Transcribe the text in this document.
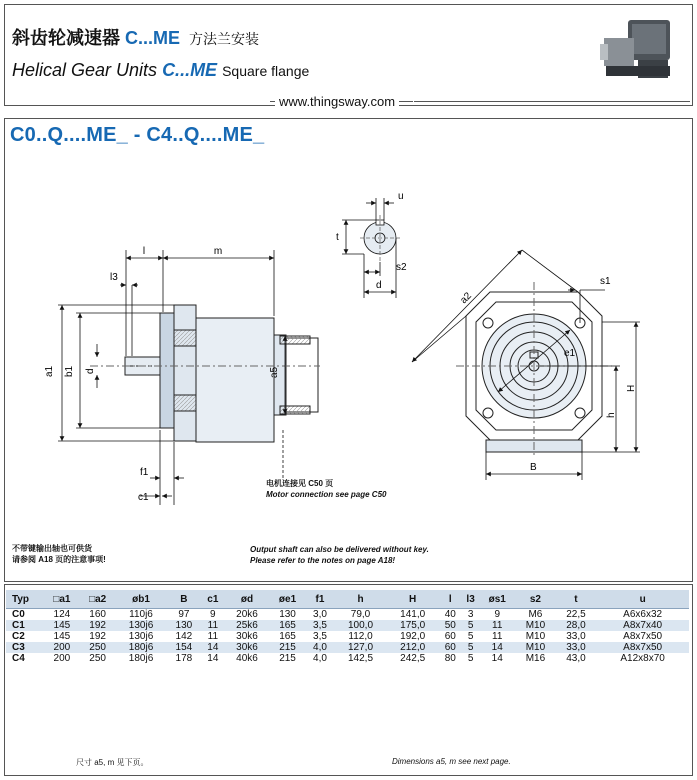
斜齿轮减速器 C...ME 方法兰安装
Helical Gear Units C...ME Square flange
www.thingsway.com
C0..Q....ME_ - C4..Q....ME_
l	m
l3
a1 b1 d	a5
f1
c1
u
t
s2
d
a2
s1
e1
h
H
B
电机连接见 C50 页
Motor connection see page C50
不带键输出轴也可供货
请参阅 A18 页的注意事项!
Output shaft can also be delivered without key.
Please refer to the notes on page A18!
Typ	□a1	□a2	øb1	B	c1	ød	øe1	f1	h	H	l	l3	øs1	s2	t	u
C0	124	160	110j6	97	9	20k6	130	3,0	79,0	141,0	40	3	9	M6	22,5	A6x6x32
C1	145	192	130j6	130	11	25k6	165	3,5	100,0	175,0	50	5	11	M10	28,0	A8x7x40
C2	145	192	130j6	142	11	30k6	165	3,5	112,0	192,0	60	5	11	M10	33,0	A8x7x50
C3	200	250	180j6	154	14	30k6	215	4,0	127,0	212,0	60	5	14	M10	33,0	A8x7x50
C4	200	250	180j6	178	14	40k6	215	4,0	142,5	242,5	80	5	14	M16	43,0	A12x8x70
尺寸 a5, m 见下页。	Dimensions a5, m see next page.
